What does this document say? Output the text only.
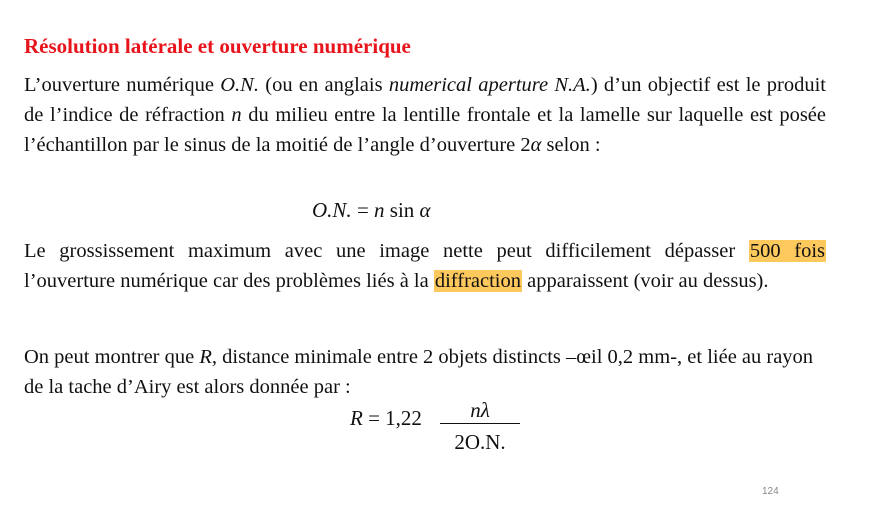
Résolution latérale et ouverture numérique
L’ouverture numérique O.N. (ou en anglais numerical aperture N.A.) d’un objectif est le produit de l’indice de réfraction n du milieu entre la lentille frontale et la lamelle sur laquelle est posée l’échantillon par le sinus de la moitié de l’angle d’ouverture 2α selon :
O.N. = n sin α
Le grossissement maximum avec une image nette peut difficilement dépasser 500 fois l’ouverture numérique car des problèmes liés à la diffraction apparaissent (voir au dessus).
On peut montrer que R, distance minimale entre 2 objets distincts –œil 0,2 mm-, et liée au rayon de la tache d’Airy est alors donnée par :
$R = 1,22 \frac{n\lambda}{2O.N.}$
124
